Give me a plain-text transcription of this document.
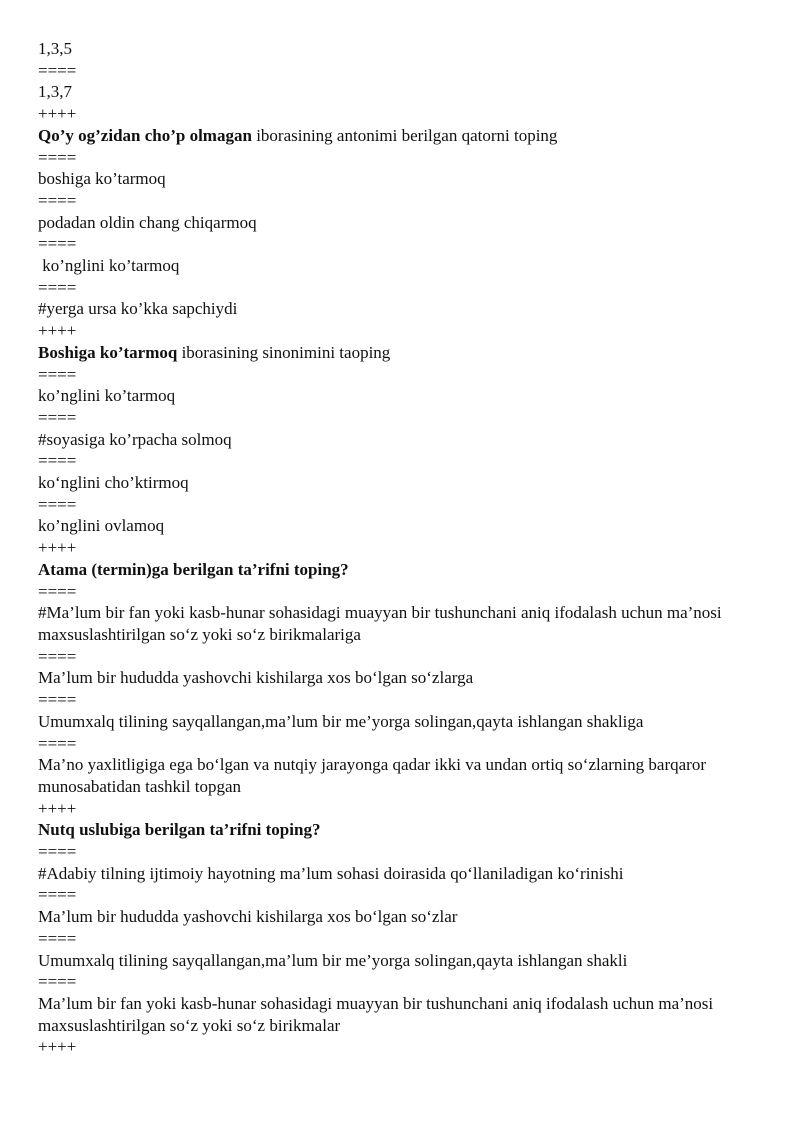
1,3,5
====
1,3,7
++++
Qo’y og’zidan cho’p olmagan iborasining antonimi berilgan qatorni toping
====
boshiga ko’tarmoq
====
podadan oldin chang chiqarmoq
====
ko’nglini ko’tarmoq
====
#yerga ursa ko’kka sapchiydi
++++
Boshiga ko’tarmoq iborasining sinonimini taoping
====
ko’nglini ko’tarmoq
====
#soyasiga ko’rpacha solmoq
====
ko‘nglini cho’ktirmoq
====
ko’nglini ovlamoq
++++
Atama (termin)ga berilgan ta’rifni toping?
====
#Ma’lum bir fan yoki kasb-hunar sohasidagi muayyan bir tushunchani aniq ifodalash uchun ma’nosi maxsuslashtirilgan so‘z yoki so‘z birikmalariga
====
Ma’lum bir hududda yashovchi kishilarga xos bo‘lgan so‘zlarga
====
Umumxalq tilining sayqallangan,ma’lum bir me’yorga solingan,qayta ishlangan shakliga
====
Ma’no yaxlitligiga ega bo‘lgan va nutqiy jarayonga qadar ikki va undan ortiq so‘zlarning barqaror munosabatidan tashkil topgan
++++
Nutq uslubiga berilgan ta’rifni toping?
====
#Adabiy tilning ijtimoiy hayotning ma’lum sohasi doirasida qo‘llaniladigan ko‘rinishi
====
Ma’lum bir hududda yashovchi kishilarga xos bo‘lgan so‘zlar
====
Umumxalq tilining sayqallangan,ma’lum bir me’yorga solingan,qayta ishlangan shakli
====
Ma’lum bir fan yoki kasb-hunar sohasidagi muayyan bir tushunchani aniq ifodalash uchun ma’nosi maxsuslashtirilgan so‘z yoki so‘z birikmalar
++++
